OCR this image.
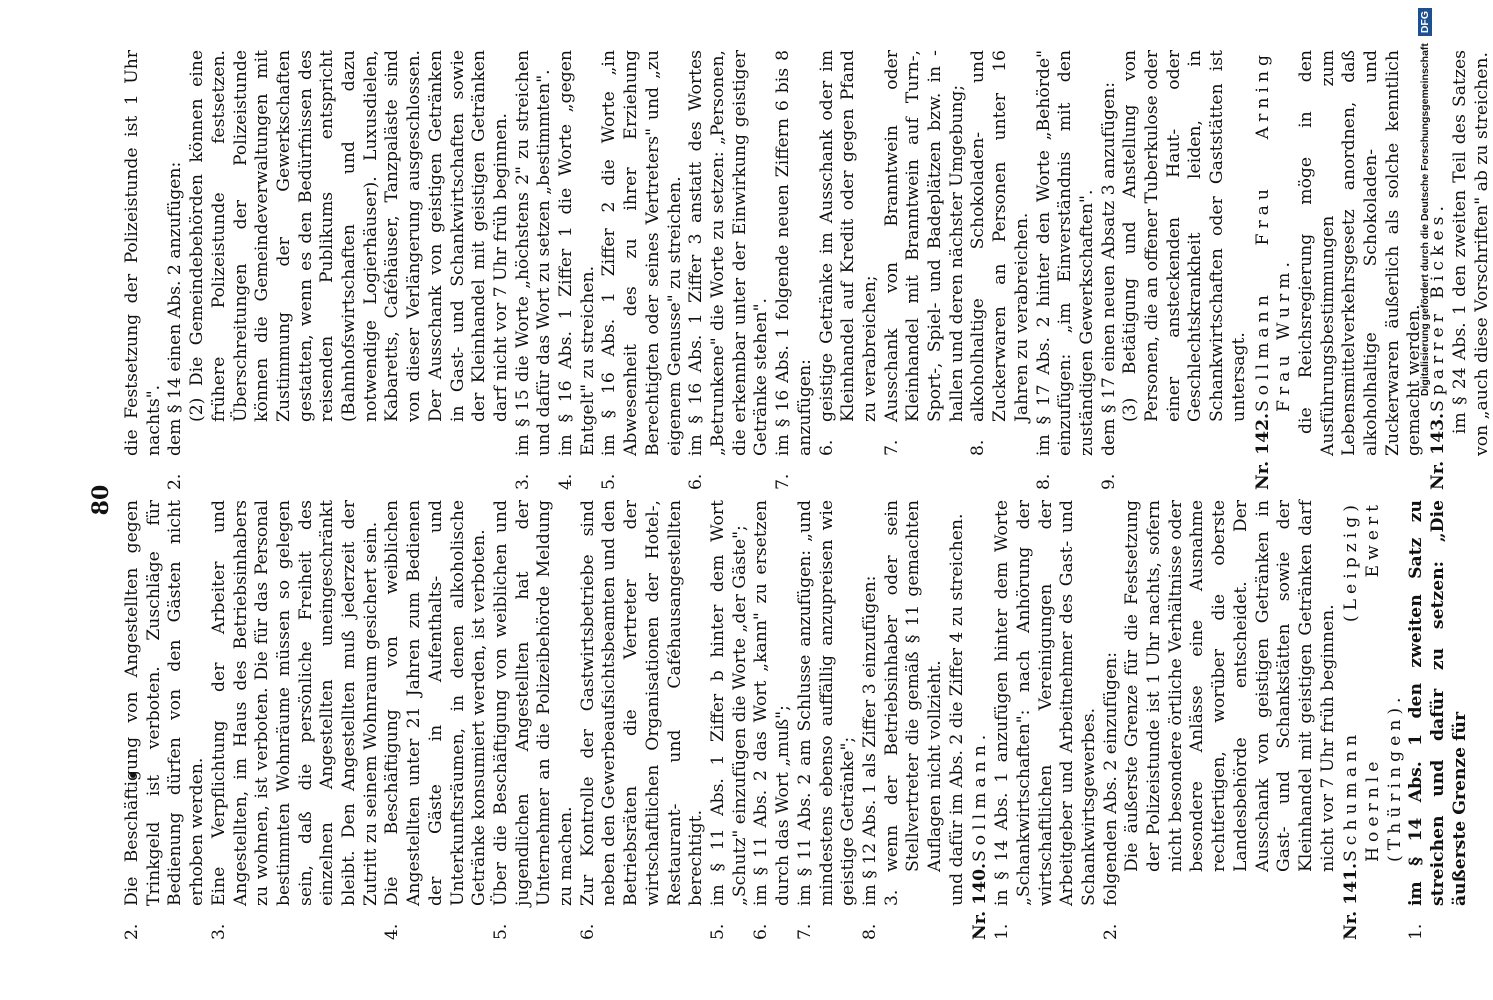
80
2.
Die Beschäftigung von Angestellten gegen Trinkgeld ist verboten. Zuschläge für Bedienung dürfen von den Gästen nicht erhoben werden.
3.
Eine Verpflichtung der Arbeiter und Angestellten, im Haus des Betriebsinhabers zu wohnen, ist verboten. Die für das Personal bestimmten Wohnräume müssen so gelegen sein, daß die persönliche Freiheit des einzelnen Angestellten uneingeschränkt bleibt. Den Angestellten muß jederzeit der Zutritt zu seinem Wohnraum gesichert sein.
4.
Die Beschäftigung von weiblichen Angestellten unter 21 Jahren zum Bedienen der Gäste in Aufenthalts- und Unterkunftsräumen, in denen alkoholische Getränke konsumiert werden, ist verboten.
5.
Über die Beschäftigung von weiblichen und jugendlichen Angestellten hat der Unternehmer an die Polizeibehörde Meldung zu machen.
6.
Zur Kontrolle der Gastwirtsbetriebe sind neben den Gewerbeaufsichtsbeamten und den Betriebsräten die Vertreter der wirtschaftlichen Organisationen der Hotel-, Restaurant- und Caféhausangestellten berechtigt.
5.
im § 11 Abs. 1 Ziffer b hinter dem Wort „Schutz" einzufügen die Worte „der Gäste";
6.
im § 11 Abs. 2 das Wort „kann" zu ersetzen durch das Wort „muß";
7.
im § 11 Abs. 2 am Schlusse anzufügen: „und mindestens ebenso auffällig anzupreisen wie geistige Getränke";
8.
im § 12 Abs. 1 als Ziffer 3 einzufügen: 3.
wenn der Betriebsinhaber oder sein Stellvertreter die gemäß § 11 gemachten Auflagen nicht vollzieht. und dafür im Abs. 2 die Ziffer 4 zu streichen. Nr. 140.
Sollmann.
1.
in § 14 Abs. 1 anzufügen hinter dem Worte „Schankwirtschaften": nach Anhörung der wirtschaftlichen Vereinigungen der Arbeitgeber und Arbeitnehmer des Gast- und Schankwirtsgewerbes.
2.
folgenden Abs. 2 einzufügen: Die äußerste Grenze für die Festsetzung der Polizeistunde ist 1 Uhr nachts, sofern nicht besondere örtliche Verhältnisse oder besondere Anlässe eine Ausnahme rechtfertigen, worüber die oberste Landesbehörde entscheidet. Der Ausschank von geistigen Getränken in Gast- und Schankstätten sowie der Kleinhandel mit geistigen Getränken darf nicht vor 7 Uhr früh beginnen.
Nr. 141.
Schumann (Leipzig) Hoernle Ewert (Thüringen).
1.
im § 14 Abs. 1 den zweiten Satz zu streichen und dafür zu setzen: „Die äußerste Grenze für
die Festsetzung der Polizeistunde ist 1 Uhr nachts".
2.
dem § 14 einen Abs. 2 anzufügen: (2) Die Gemeindebehörden können eine frühere Polizeistunde festsetzen. Überschreitungen der Polizeistunde können die Gemeindeverwaltungen mit Zustimmung der Gewerkschaften gestatten, wenn es den Bedürfnissen des reisenden Publikums entspricht (Bahnhofswirtschaften und dazu notwendige Logierhäuser). Luxusdielen, Kabaretts, Caféhäuser, Tanzpaläste sind von dieser Verlängerung ausgeschlossen. Der Ausschank von geistigen Getränken in Gast- und Schankwirtschaften sowie der Kleinhandel mit geistigen Getränken darf nicht vor 7 Uhr früh beginnen.
3.
im § 15 die Worte „höchstens 2" zu streichen und dafür das Wort zu setzen „bestimmten".
4.
im § 16 Abs. 1 Ziffer 1 die Worte „gegen Entgelt" zu streichen.
5.
im § 16 Abs. 1 Ziffer 2 die Worte „in Abwesenheit des zu ihrer Erziehung Berechtigten oder seines Vertreters" und „zu eigenem Genusse" zu streichen.
6.
im § 16 Abs. 1 Ziffer 3 anstatt des Wortes „Betrunkene" die Worte zu setzen: „Personen, die erkennbar unter der Einwirkung geistiger Getränke stehen".
7.
im § 16 Abs. 1 folgende neuen Ziffern 6 bis 8 anzufügen: 6.
geistige Getränke im Ausschank oder im Kleinhandel auf Kredit oder gegen Pfand zu verabreichen;
7.
Ausschank von Branntwein oder Kleinhandel mit Branntwein auf Turn-, Sport-, Spiel- und Badeplätzen bzw. in -hallen und deren nächster Umgebung;
8.
alkoholhaltige Schokoladen- und Zuckerwaren an Personen unter 16 Jahren zu verabreichen.
8.
im § 17 Abs. 2 hinter den Worte „Behörde" einzufügen: „im Einverständnis mit den zuständigen Gewerkschaften".
9.
dem § 17 einen neuen Absatz 3 anzufügen: (3) Betätigung und Anstellung von Personen, die an offener Tuberkulose oder einer ansteckenden Haut- oder Geschlechtskrankheit leiden, in Schankwirtschaften oder Gaststätten ist untersagt.
Nr. 142.
Sollmann Frau Arning Frau Wurm. die Reichsregierung möge in den Ausführungsbestimmungen zum Lebensmittelverkehrsgesetz anordnen, daß alkoholhaltige Schokoladen- und Zuckerwaren äußerlich als solche kenntlich gemacht werden. Nr. 143.
Sparrer Bickes. im § 24 Abs. 1 den zweiten Teil des Satzes von „auch diese Vorschriften" ab zu streichen.
Digitalisierung gefördert durch die Deutsche Forschungsgemeinschaft DFG
